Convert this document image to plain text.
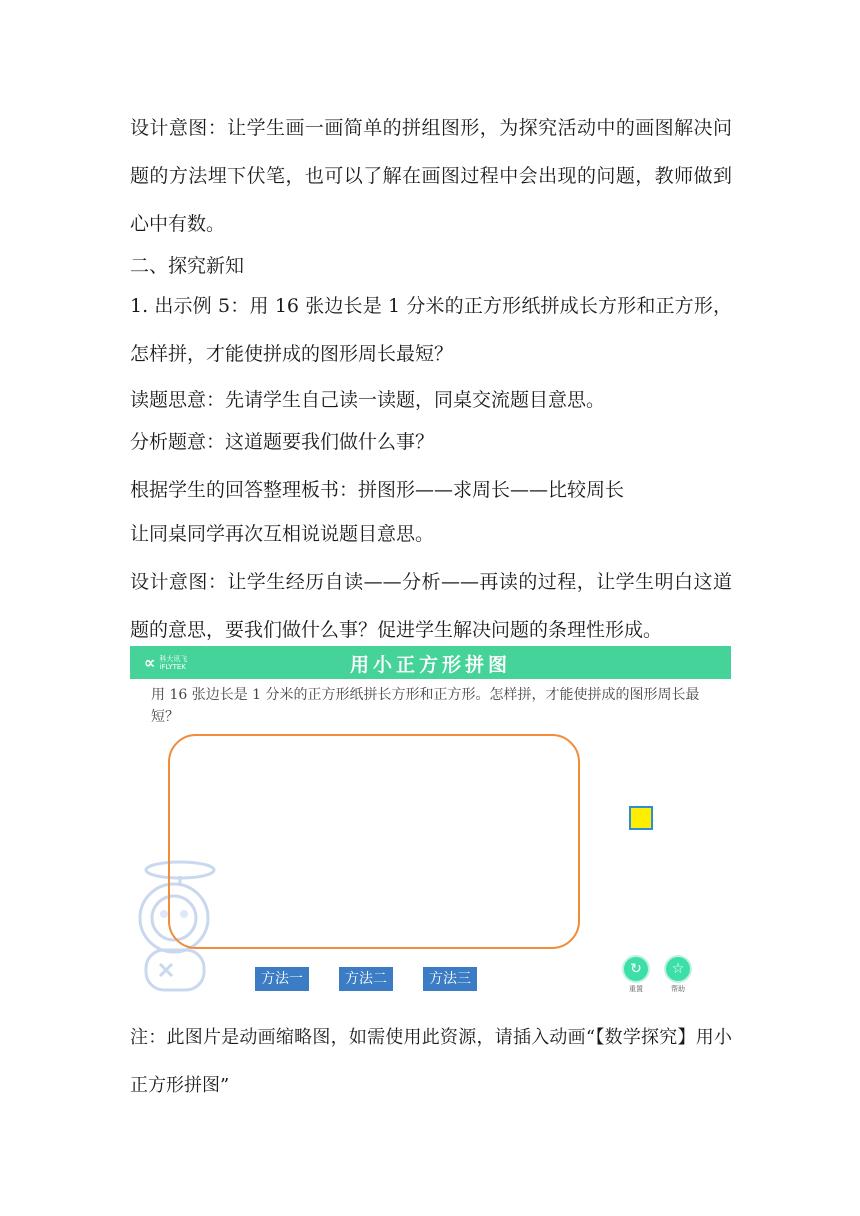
设计意图：让学生画一画简单的拼组图形，为探究活动中的画图解决问题的方法埋下伏笔，也可以了解在画图过程中会出现的问题，教师做到心中有数。
二、探究新知
1. 出示例 5：用 16 张边长是 1 分米的正方形纸拼成长方形和正方形，怎样拼，才能使拼成的图形周长最短？
读题思意：先请学生自己读一读题，同桌交流题目意思。
分析题意：这道题要我们做什么事？
根据学生的回答整理板书：拼图形——求周长——比较周长
让同桌同学再次互相说说题目意思。
设计意图：让学生经历自读——分析——再读的过程，让学生明白这道题的意思，要我们做什么事？促进学生解决问题的条理性形成。
∝ 科大讯飞
iFLYTEK	用小正方形拼图
用 16 张边长是 1 分米的正方形纸拼长方形和正方形。怎样拼，才能使拼成的图形周长最短？
方法一	方法二	方法三
↻
重置
☆
帮助
注：此图片是动画缩略图，如需使用此资源，请插入动画“【数学探究】用小正方形拼图”
